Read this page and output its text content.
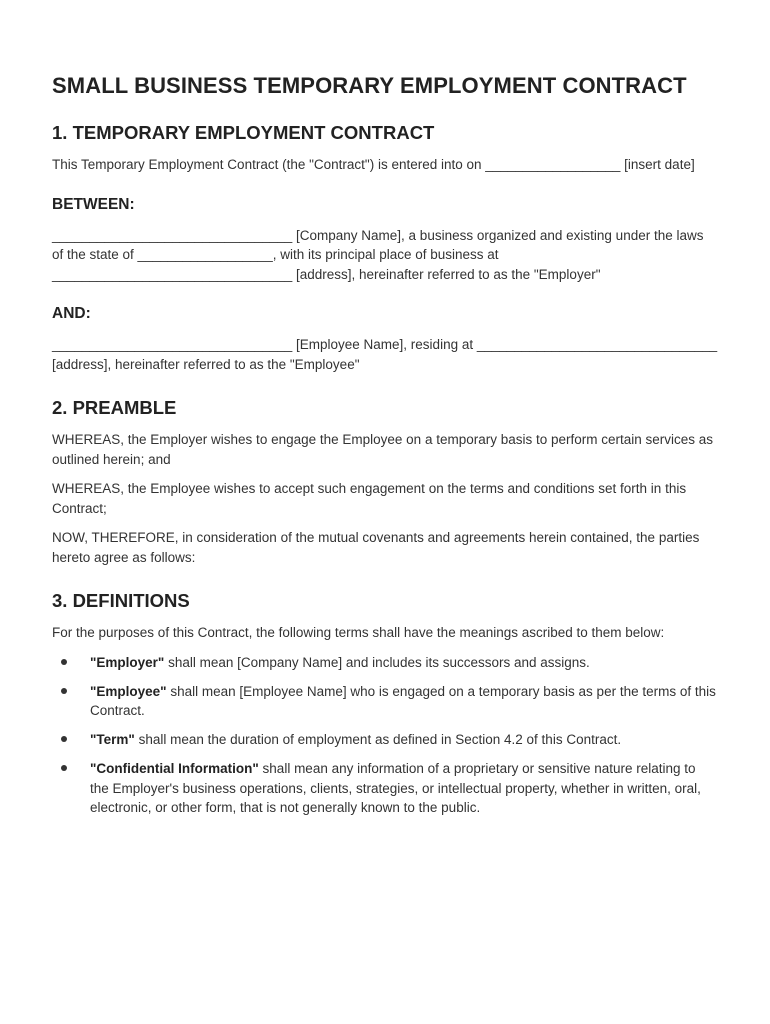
SMALL BUSINESS TEMPORARY EMPLOYMENT CONTRACT
1. TEMPORARY EMPLOYMENT CONTRACT

This Temporary Employment Contract (the "Contract") is entered into on __________________ [insert date]

BETWEEN:

________________________________ [Company Name], a business organized and existing under the laws of the state of __________________, with its principal place of business at ________________________________ [address], hereinafter referred to as the "Employer"

AND:

________________________________ [Employee Name], residing at ________________________________ [address], hereinafter referred to as the "Employee"

2. PREAMBLE

WHEREAS, the Employer wishes to engage the Employee on a temporary basis to perform certain services as outlined herein; and

WHEREAS, the Employee wishes to accept such engagement on the terms and conditions set forth in this Contract;

NOW, THEREFORE, in consideration of the mutual covenants and agreements herein contained, the parties hereto agree as follows:

3. DEFINITIONS

For the purposes of this Contract, the following terms shall have the meanings ascribed to them below:

"Employer" shall mean [Company Name] and includes its successors and assigns.
"Employee" shall mean [Employee Name] who is engaged on a temporary basis as per the terms of this Contract.
"Term" shall mean the duration of employment as defined in Section 4.2 of this Contract.
"Confidential Information" shall mean any information of a proprietary or sensitive nature relating to the Employer's business operations, clients, strategies, or intellectual property, whether in written, oral, electronic, or other form, that is not generally known to the public.
